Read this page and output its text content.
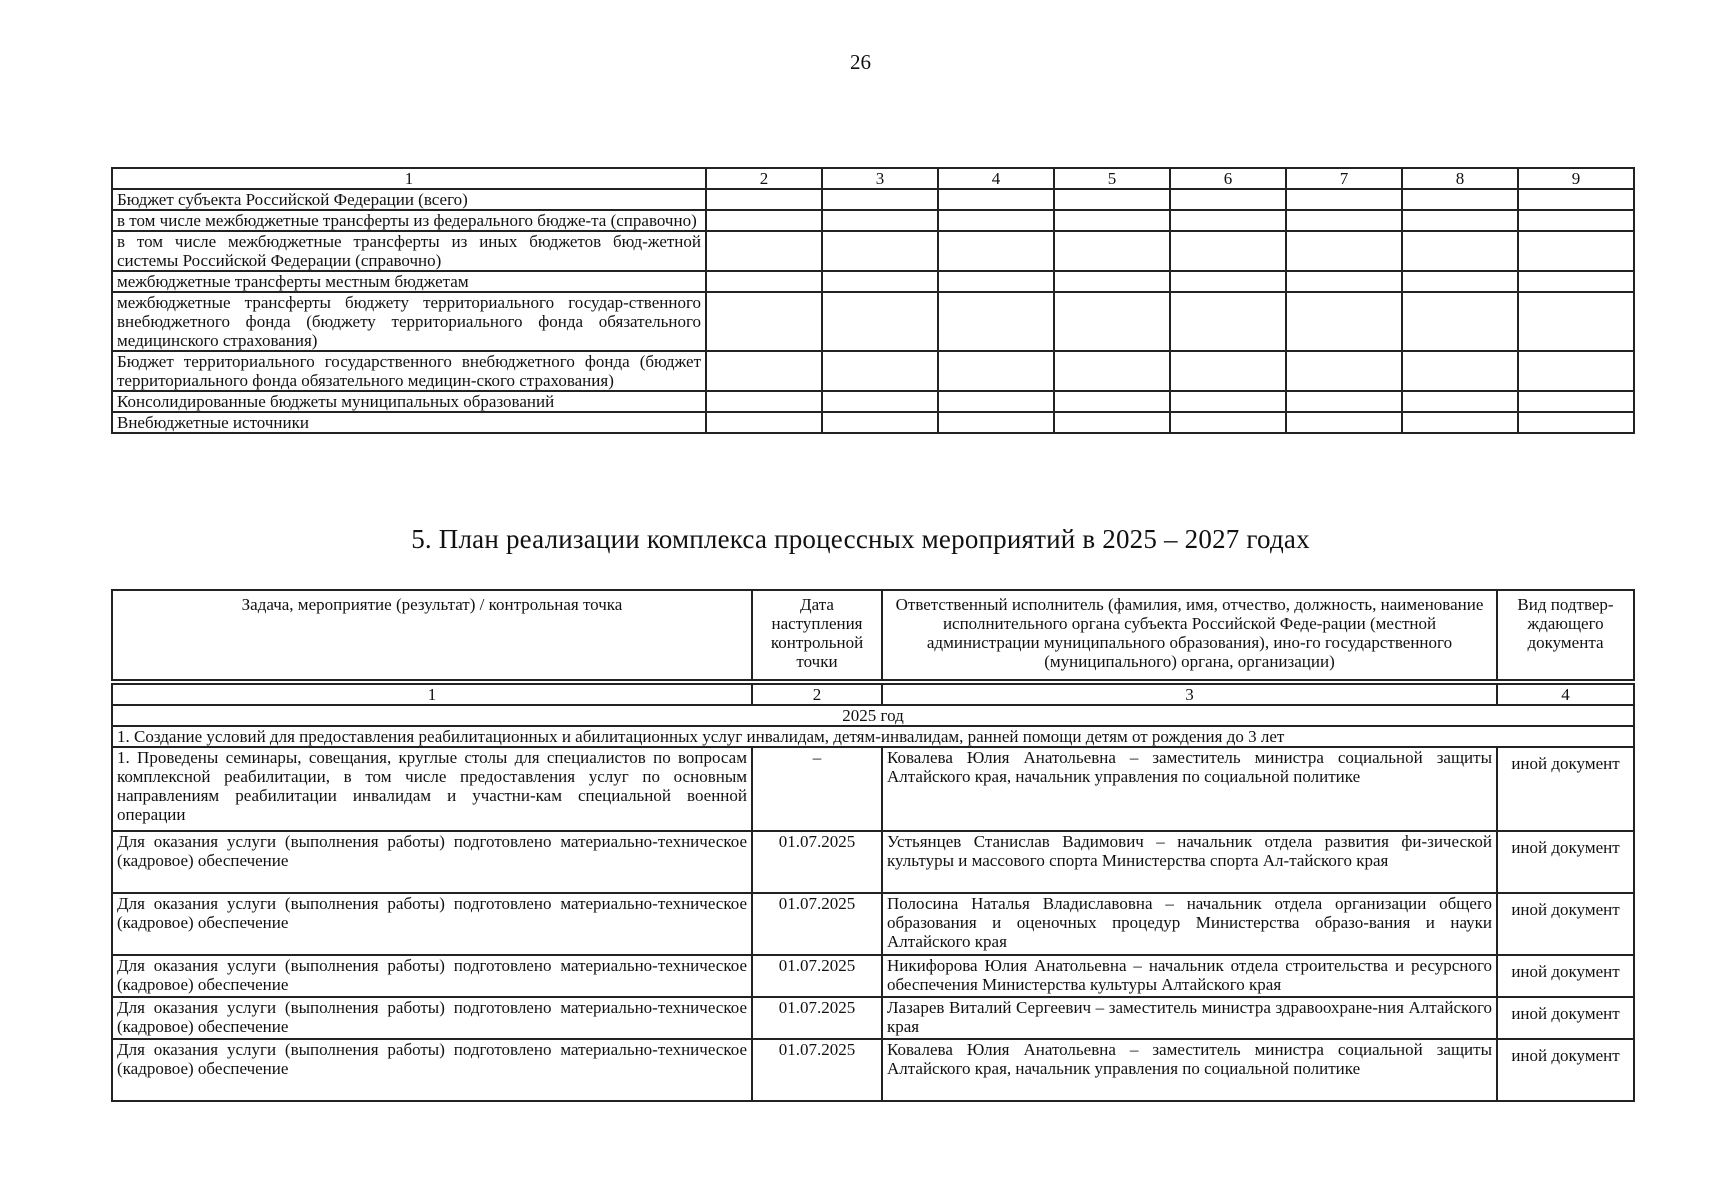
26
1	2	3	4	5	6	7	8	9
Бюджет субъекта Российской Федерации (всего)								
в том числе межбюджетные трансферты из федерального бюдже-та (справочно)								
в том числе межбюджетные трансферты из иных бюджетов бюд-жетной системы Российской Федерации (справочно)								
межбюджетные трансферты местным бюджетам								
межбюджетные трансферты бюджету территориального государ-ственного внебюджетного фонда (бюджету территориального фонда обязательного медицинского страхования)								
Бюджет территориального государственного внебюджетного фонда (бюджет территориального фонда обязательного медицин-ского страхования)								
Консолидированные бюджеты муниципальных образований								
Внебюджетные источники								
5. План реализации комплекса процессных мероприятий в 2025 – 2027 годах
Задача, мероприятие (результат) / контрольная точка	Дата наступления контрольной точки	Ответственный исполнитель (фамилия, имя, отчество, должность, наименование исполнительного органа субъекта Российской Феде-рации (местной администрации муниципального образования), ино-го государственного (муниципального) органа, организации)	Вид подтвер-ждающего документа

1	2	3	4
2025 год			
1. Создание условий для предоставления реабилитационных и абилитационных услуг инвалидам, детям-инвалидам, ранней помощи детям от рождения до 3 лет			
1. Проведены семинары, совещания, круглые столы для специалистов по вопросам комплексной реабилитации, в том числе предоставления услуг по основным направлениям реабилитации инвалидам и участни-кам специальной военной операции	–	Ковалева Юлия Анатольевна – заместитель министра социальной защиты Алтайского края, начальник управления по социальной политике	иной документ
Для оказания услуги (выполнения работы) подготовлено материально-техническое (кадровое) обеспечение	01.07.2025	Устьянцев Станислав Вадимович – начальник отдела развития фи-зической культуры и массового спорта Министерства спорта Ал-тайского края	иной документ
Для оказания услуги (выполнения работы) подготовлено материально-техническое (кадровое) обеспечение	01.07.2025	Полосина Наталья Владиславовна – начальник отдела организации общего образования и оценочных процедур Министерства образо-вания и науки Алтайского края	иной документ
Для оказания услуги (выполнения работы) подготовлено материально-техническое (кадровое) обеспечение	01.07.2025	Никифорова Юлия Анатольевна – начальник отдела строительства и ресурсного обеспечения Министерства культуры Алтайского края	иной документ
Для оказания услуги (выполнения работы) подготовлено материально-техническое (кадровое) обеспечение	01.07.2025	Лазарев Виталий Сергеевич – заместитель министра здравоохране-ния Алтайского края	иной документ
Для оказания услуги (выполнения работы) подготовлено материально-техническое (кадровое) обеспечение	01.07.2025	Ковалева Юлия Анатольевна – заместитель министра социальной защиты Алтайского края, начальник управления по социальной политике	иной документ
